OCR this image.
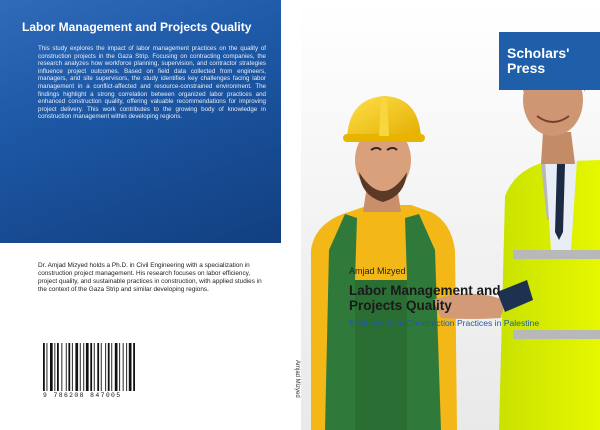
Labor Management and Projects Quality
This study explores the impact of labor management practices on the quality of construction projects in the Gaza Strip. Focusing on contracting companies, the research analyzes how workforce planning, supervision, and contractor strategies influence project outcomes. Based on field data collected from engineers, managers, and site supervisors, the study identifies key challenges facing labor management in a conflict-affected and resource-constrained environment. The findings highlight a strong correlation between organized labor practices and enhanced construction quality, offering valuable recommendations for improving project delivery. This work contributes to the growing body of knowledge in construction management within developing regions.
Dr. Amjad Mizyed holds a Ph.D. in Civil Engineering with a specialization in construction project management. His research focuses on labor efficiency, project quality, and sustainable practices in construction, with applied studies in the context of the Gaza Strip and similar developing regions.
9 786208 847005	Amjad Mizyed
Scholars'
Press
Amjad Mizyed
Labor Management and
Projects Quality
Evidence from Construction Practices in Palestine
